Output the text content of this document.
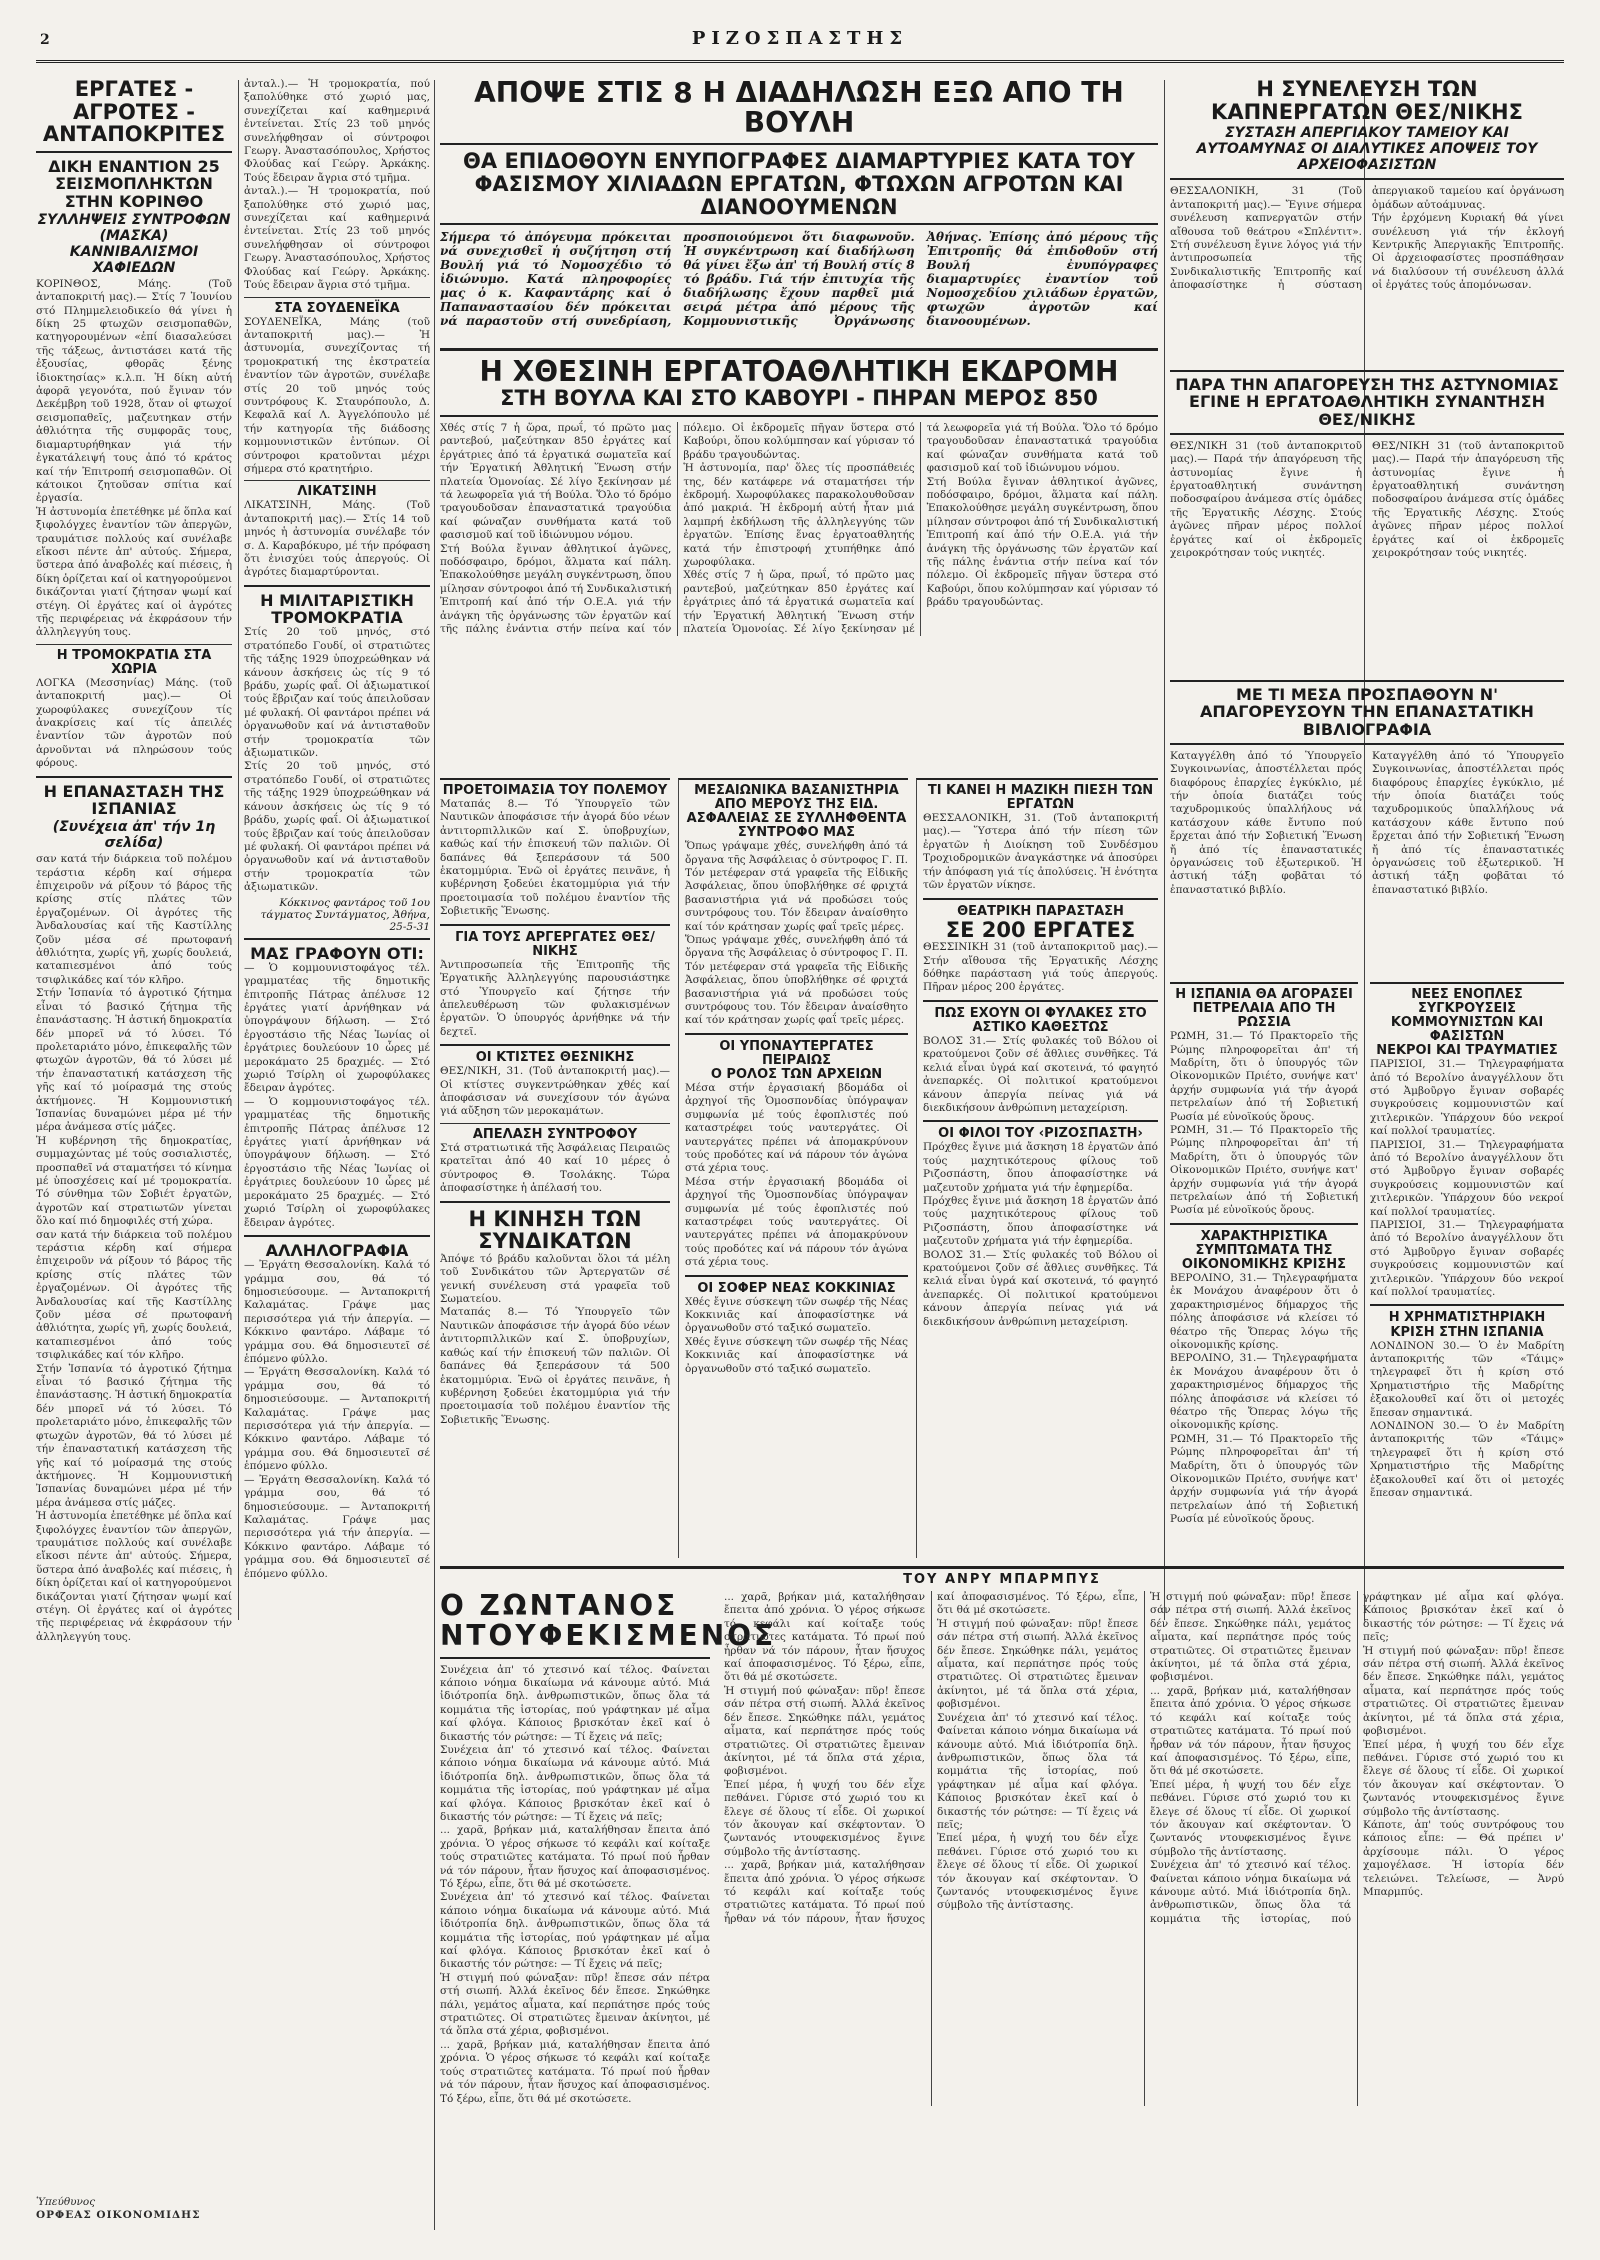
2	ΡΙΖΟΣΠΑΣΤΗΣ
ΕΡΓΑΤΕΣ - ΑΓΡΟΤΕΣ - ΑΝΤΑΠΟΚΡΙΤΕΣ
ΔΙΚΗ ΕΝΑΝΤΙΟΝ 25 ΣΕΙΣΜΟΠΛΗΚΤΩΝ ΣΤΗΝ ΚΟΡΙΝΘΟ
ΣΥΛΛΗΨΕΙΣ ΣΥΝΤΡΟΦΩΝ (ΜΑΣΚΑ) ΚΑΝΝΙΒΑΛΙΣΜΟΙ ΧΑΦΙΕΔΩΝ

ΚΟΡΙΝΘΟΣ, Μάης. (Τοῦ ἀνταποκριτή μας).— Στίς 7 Ἰουνίου στό Πλημμελειοδικείο θά γίνει ἡ δίκη 25 φτωχῶν σεισμοπαθῶν, κατηγορουμένων «ἐπί διασαλεύσει τῆς τάξεως, ἀντιστάσει κατά τῆς ἐξουσίας, φθορᾶς ξένης ἰδιοκτησίας» κ.λ.π. Ἡ δίκη αὐτή ἀφορᾶ γεγονότα, πού ἔγιναν τόν Δεκέμβρη τοῦ 1928, ὅταν οἱ φτωχοί σεισμοπαθεῖς, μαζευτηκαν στήν ἀθλιότητα τῆς συμφορᾶς τους, διαμαρτυρήθηκαν γιά τήν ἐγκατάλειψή τους ἀπό τό κράτος καί τήν Ἐπιτροπή σεισμοπαθῶν. Οἱ κάτοικοι ζητοῦσαν σπίτια καί ἐργασία.

Ἡ ἀστυνομία ἐπετέθηκε μέ ὅπλα καί ξιφολόγχες ἐναντίον τῶν ἀπεργῶν, τραυμάτισε πολλούς καί συνέλαβε εἴκοσι πέντε ἀπ' αὐτούς. Σήμερα, ὕστερα ἀπό ἀναβολές καί πιέσεις, ἡ δίκη ὁρίζεται καί οἱ κατηγορούμενοι δικάζονται γιατί ζήτησαν ψωμί καί στέγη. Οἱ ἐργάτες καί οἱ ἀγρότες τῆς περιφέρειας νά ἐκφράσουν τήν ἀλληλεγγύη τους.

Η ΤΡΟΜΟΚΡΑΤΙΑ ΣΤΑ ΧΩΡΙΑ

ΛΟΓΚΑ (Μεσσηνίας) Μάης. (τοῦ ἀνταποκριτή μας).— Οἱ χωροφύλακες συνεχίζουν τίς ἀνακρίσεις καί τίς ἀπειλές ἐναντίον τῶν ἀγροτῶν πού ἀρνοῦνται νά πληρώσουν τούς φόρους.

Η ΕΠΑΝΑΣΤΑΣΗ ΤΗΣ ΙΣΠΑΝΙΑΣ
(Συνέχεια ἀπ' τήν 1η σελίδα)

σαν κατά τήν διάρκεια τοῦ πολέμου τεράστια κέρδη καί σήμερα ἐπιχειροῦν νά ρίξουν τό βάρος τῆς κρίσης στίς πλάτες τῶν ἐργαζομένων. Οἱ ἀγρότες τῆς Ἀνδαλουσίας καί τῆς Καστίλλης ζοῦν μέσα σέ πρωτοφανή ἀθλιότητα, χωρίς γῆ, χωρίς δουλειά, καταπιεσμένοι ἀπό τούς τσιφλικάδες καί τόν κλῆρο.

Στήν Ἰσπανία τό ἀγροτικό ζήτημα εἶναι τό βασικό ζήτημα τῆς ἐπανάστασης. Ἡ ἀστική δημοκρατία δέν μπορεῖ νά τό λύσει. Τό προλεταριάτο μόνο, ἐπικεφαλῆς τῶν φτωχῶν ἀγροτῶν, θά τό λύσει μέ τήν ἐπαναστατική κατάσχεση τῆς γῆς καί τό μοίρασμά της στούς ἀκτήμονες. Ἡ Κομμουνιστική Ἰσπανίας δυναμώνει μέρα μέ τήν μέρα ἀνάμεσα στίς μάζες.

Ἡ κυβέρνηση τῆς δημοκρατίας, συμμαχώντας μέ τούς σοσιαλιστές, προσπαθεῖ νά σταματήσει τό κίνημα μέ ὑποσχέσεις καί μέ τρομοκρατία. Τό σύνθημα τῶν Σοβιέτ ἐργατῶν, ἀγροτῶν καί στρατιωτῶν γίνεται ὅλο καί πιό δημοφιλές στή χώρα.

σαν κατά τήν διάρκεια τοῦ πολέμου τεράστια κέρδη καί σήμερα ἐπιχειροῦν νά ρίξουν τό βάρος τῆς κρίσης στίς πλάτες τῶν ἐργαζομένων. Οἱ ἀγρότες τῆς Ἀνδαλουσίας καί τῆς Καστίλλης ζοῦν μέσα σέ πρωτοφανή ἀθλιότητα, χωρίς γῆ, χωρίς δουλειά, καταπιεσμένοι ἀπό τούς τσιφλικάδες καί τόν κλῆρο.

Στήν Ἰσπανία τό ἀγροτικό ζήτημα εἶναι τό βασικό ζήτημα τῆς ἐπανάστασης. Ἡ ἀστική δημοκρατία δέν μπορεῖ νά τό λύσει. Τό προλεταριάτο μόνο, ἐπικεφαλῆς τῶν φτωχῶν ἀγροτῶν, θά τό λύσει μέ τήν ἐπαναστατική κατάσχεση τῆς γῆς καί τό μοίρασμά της στούς ἀκτήμονες. Ἡ Κομμουνιστική Ἰσπανίας δυναμώνει μέρα μέ τήν μέρα ἀνάμεσα στίς μάζες.

Ἡ ἀστυνομία ἐπετέθηκε μέ ὅπλα καί ξιφολόγχες ἐναντίον τῶν ἀπεργῶν, τραυμάτισε πολλούς καί συνέλαβε εἴκοσι πέντε ἀπ' αὐτούς. Σήμερα, ὕστερα ἀπό ἀναβολές καί πιέσεις, ἡ δίκη ὁρίζεται καί οἱ κατηγορούμενοι δικάζονται γιατί ζήτησαν ψωμί καί στέγη. Οἱ ἐργάτες καί οἱ ἀγρότες τῆς περιφέρειας νά ἐκφράσουν τήν ἀλληλεγγύη τους.

Ὑπεύθυνος
ΟΡΦΕΑΣ ΟΙΚΟΝΟΜΙΔΗΣ

ἀνταλ.).— Ἡ τρομοκρατία, πού ξαπολύθηκε στό χωριό μας, συνεχίζεται καί καθημερινά ἐντείνεται. Στίς 23 τοῦ μηνός συνελήφθησαν οἱ σύντροφοι Γεωργ. Ἀναστασόπουλος, Χρήστος Φλούδας καί Γεώργ. Ἀρκάκης. Τούς ἔδειραν ἄγρια στό τμῆμα.

ἀνταλ.).— Ἡ τρομοκρατία, πού ξαπολύθηκε στό χωριό μας, συνεχίζεται καί καθημερινά ἐντείνεται. Στίς 23 τοῦ μηνός συνελήφθησαν οἱ σύντροφοι Γεωργ. Ἀναστασόπουλος, Χρήστος Φλούδας καί Γεώργ. Ἀρκάκης. Τούς ἔδειραν ἄγρια στό τμῆμα.

ΣΤΑ ΣΟΥΔΕΝΕΪΚΑ

ΣΟΥΔΕΝΕΪΚΑ, Μάης (τοῦ ἀνταποκριτή μας).— Ἡ ἀστυνομία, συνεχίζοντας τή τρομοκρατική της ἐκστρατεία ἐναντίον τῶν ἀγροτῶν, συνέλαβε στίς 20 τοῦ μηνός τούς συντρόφους Κ. Σταυρόπουλο, Δ. Κεφαλᾶ καί Λ. Ἀγγελόπουλο μέ τήν κατηγορία τῆς διάδοσης κομμουνιστικῶν ἐντύπων. Οἱ σύντροφοι κρατοῦνται μέχρι σήμερα στό κρατητήριο.

ΛΙΚΑΤΣΙΝΗ

ΛΙΚΑΤΣΙΝΗ, Μάης. (Τοῦ ἀνταποκριτή μας).— Στίς 14 τοῦ μηνός ἡ ἀστυνομία συνέλαβε τόν σ. Δ. Καραβόκυρο, μέ τήν πρόφαση ὅτι ἐνισχύει τούς ἀπεργούς. Οἱ ἀγρότες διαμαρτύρονται.

Η ΜΙΛΙΤΑΡΙΣΤΙΚΗ ΤΡΟΜΟΚΡΑΤΙΑ

Στίς 20 τοῦ μηνός, στό στρατόπεδο Γουδί, οἱ στρατιῶτες τῆς τάξης 1929 ὑποχρεώθηκαν νά κάνουν ἀσκήσεις ὡς τίς 9 τό βράδυ, χωρίς φαΐ. Οἱ ἀξιωματικοί τούς ἔβριζαν καί τούς ἀπειλοῦσαν μέ φυλακή. Οἱ φαντάροι πρέπει νά ὀργανωθοῦν καί νά ἀντισταθοῦν στήν τρομοκρατία τῶν ἀξιωματικῶν.

Στίς 20 τοῦ μηνός, στό στρατόπεδο Γουδί, οἱ στρατιῶτες τῆς τάξης 1929 ὑποχρεώθηκαν νά κάνουν ἀσκήσεις ὡς τίς 9 τό βράδυ, χωρίς φαΐ. Οἱ ἀξιωματικοί τούς ἔβριζαν καί τούς ἀπειλοῦσαν μέ φυλακή. Οἱ φαντάροι πρέπει νά ὀργανωθοῦν καί νά ἀντισταθοῦν στήν τρομοκρατία τῶν ἀξιωματικῶν.

Κόκκινος φαντάρος τοῦ 1ου τάγματος Συντάγματος, Ἀθήνα, 25-5-31
ΜΑΣ ΓΡΑΦΟΥΝ ΟΤΙ:

— Ὁ κομμουνιστοφάγος τέλ. γραμματέας τῆς δημοτικῆς ἐπιτροπῆς Πάτρας ἀπέλυσε 12 ἐργάτες γιατί ἀρνήθηκαν νά ὑπογράψουν δήλωση. — Στό ἐργοστάσιο τῆς Νέας Ἰωνίας οἱ ἐργάτριες δουλεύουν 10 ὧρες μέ μεροκάματο 25 δραχμές. — Στό χωριό Τσίρλη οἱ χωροφύλακες ἔδειραν ἀγρότες.

— Ὁ κομμουνιστοφάγος τέλ. γραμματέας τῆς δημοτικῆς ἐπιτροπῆς Πάτρας ἀπέλυσε 12 ἐργάτες γιατί ἀρνήθηκαν νά ὑπογράψουν δήλωση. — Στό ἐργοστάσιο τῆς Νέας Ἰωνίας οἱ ἐργάτριες δουλεύουν 10 ὧρες μέ μεροκάματο 25 δραχμές. — Στό χωριό Τσίρλη οἱ χωροφύλακες ἔδειραν ἀγρότες.

ΑΛΛΗΛΟΓΡΑΦΙΑ

— Ἐργάτη Θεσσαλονίκη. Καλά τό γράμμα σου, θά τό δημοσιεύσουμε. — Ἀνταποκριτή Καλαμάτας. Γράψε μας περισσότερα γιά τήν ἀπεργία. — Κόκκινο φαντάρο. Λάβαμε τό γράμμα σου. Θά δημοσιευτεῖ σέ ἑπόμενο φύλλο.

— Ἐργάτη Θεσσαλονίκη. Καλά τό γράμμα σου, θά τό δημοσιεύσουμε. — Ἀνταποκριτή Καλαμάτας. Γράψε μας περισσότερα γιά τήν ἀπεργία. — Κόκκινο φαντάρο. Λάβαμε τό γράμμα σου. Θά δημοσιευτεῖ σέ ἑπόμενο φύλλο.

— Ἐργάτη Θεσσαλονίκη. Καλά τό γράμμα σου, θά τό δημοσιεύσουμε. — Ἀνταποκριτή Καλαμάτας. Γράψε μας περισσότερα γιά τήν ἀπεργία. — Κόκκινο φαντάρο. Λάβαμε τό γράμμα σου. Θά δημοσιευτεῖ σέ ἑπόμενο φύλλο.

ΑΠΟΨΕ ΣΤΙΣ 8 Η ΔΙΑΔΗΛΩΣΗ ΕΞΩ ΑΠΟ ΤΗ ΒΟΥΛΗ
ΘΑ ΕΠΙΔΟΘΟΥΝ ΕΝΥΠΟΓΡΑΦΕΣ ΔΙΑΜΑΡΤΥΡΙΕΣ ΚΑΤΑ ΤΟΥ ΦΑΣΙΣΜΟΥ ΧΙΛΙΑΔΩΝ ΕΡΓΑΤΩΝ, ΦΤΩΧΩΝ ΑΓΡΟΤΩΝ ΚΑΙ ΔΙΑΝΟΟΥΜΕΝΩΝ

Σήμερα τό ἀπόγευμα πρόκειται νά συνεχισθεῖ ἡ συζήτηση στή Βουλή γιά τό Νομοσχέδιο τό ἰδιώνυμο. Κατά πληροφορίες μας ὁ κ. Καφαντάρης καί ὁ Παπαναστασίου δέν πρόκειται νά παραστοῦν στή συνεδρίαση, προσποιούμενοι ὅτι διαφωνοῦν. Ἡ συγκέντρωση καί διαδήλωση θά γίνει ἔξω ἀπ' τή Βουλή στίς 8 τό βράδυ. Γιά τήν ἐπιτυχία τῆς διαδήλωσης ἔχουν παρθεῖ μιά σειρά μέτρα ἀπό μέρους τῆς Κομμουνιστικῆς Ὀργάνωσης Ἀθήνας. Ἐπίσης ἀπό μέρους τῆς Ἐπιτροπῆς θά ἐπιδοθοῦν στή Βουλή ἐνυπόγραφες διαμαρτυρίες ἐναντίον τοῦ Νομοσχεδίου χιλιάδων ἐργατῶν, φτωχῶν ἀγροτῶν καί διανοουμένων.

Η ΧΘΕΣΙΝΗ ΕΡΓΑΤΟΑΘΛΗΤΙΚΗ ΕΚΔΡΟΜΗ
ΣΤΗ ΒΟΥΛΑ ΚΑΙ ΣΤΟ ΚΑΒΟΥΡΙ - ΠΗΡΑΝ ΜΕΡΟΣ 850

Χθές στίς 7 ἡ ὥρα, πρωΐ, τό πρῶτο μας ραντεβού, μαζεύτηκαν 850 ἐργάτες καί ἐργάτριες ἀπό τά ἐργατικά σωματεῖα καί τήν Ἐργατική Ἀθλητική Ἕνωση στήν πλατεία Ὁμονοίας. Σέ λίγο ξεκίνησαν μέ τά λεωφορεῖα γιά τή Βούλα. Ὅλο τό δρόμο τραγουδοῦσαν ἐπαναστατικά τραγούδια καί φώναζαν συνθήματα κατά τοῦ φασισμοῦ καί τοῦ ἰδιώνυμου νόμου.

Στή Βούλα ἔγιναν ἀθλητικοί ἀγῶνες, ποδόσφαιρο, δρόμοι, ἅλματα καί πάλη. Ἐπακολούθησε μεγάλη συγκέντρωση, ὅπου μίλησαν σύντροφοι ἀπό τή Συνδικαλιστική Ἐπιτροπή καί ἀπό τήν Ο.Ε.Α. γιά τήν ἀνάγκη τῆς ὀργάνωσης τῶν ἐργατῶν καί τῆς πάλης ἐνάντια στήν πείνα καί τόν πόλεμο. Οἱ ἐκδρομεῖς πῆγαν ὕστερα στό Καβούρι, ὅπου κολύμπησαν καί γύρισαν τό βράδυ τραγουδώντας.

Ἡ ἀστυνομία, παρ' ὅλες τίς προσπάθειές της, δέν κατάφερε νά σταματήσει τήν ἐκδρομή. Χωροφύλακες παρακολουθοῦσαν ἀπό μακριά. Ἡ ἐκδρομή αὐτή ἦταν μιά λαμπρή ἐκδήλωση τῆς ἀλληλεγγύης τῶν ἐργατῶν. Ἐπίσης ἕνας ἐργατοαθλητής κατά τήν ἐπιστροφή χτυπήθηκε ἀπό χωροφύλακα.

Χθές στίς 7 ἡ ὥρα, πρωΐ, τό πρῶτο μας ραντεβού, μαζεύτηκαν 850 ἐργάτες καί ἐργάτριες ἀπό τά ἐργατικά σωματεῖα καί τήν Ἐργατική Ἀθλητική Ἕνωση στήν πλατεία Ὁμονοίας. Σέ λίγο ξεκίνησαν μέ τά λεωφορεῖα γιά τή Βούλα. Ὅλο τό δρόμο τραγουδοῦσαν ἐπαναστατικά τραγούδια καί φώναζαν συνθήματα κατά τοῦ φασισμοῦ καί τοῦ ἰδιώνυμου νόμου.

Στή Βούλα ἔγιναν ἀθλητικοί ἀγῶνες, ποδόσφαιρο, δρόμοι, ἅλματα καί πάλη. Ἐπακολούθησε μεγάλη συγκέντρωση, ὅπου μίλησαν σύντροφοι ἀπό τή Συνδικαλιστική Ἐπιτροπή καί ἀπό τήν Ο.Ε.Α. γιά τήν ἀνάγκη τῆς ὀργάνωσης τῶν ἐργατῶν καί τῆς πάλης ἐνάντια στήν πείνα καί τόν πόλεμο. Οἱ ἐκδρομεῖς πῆγαν ὕστερα στό Καβούρι, ὅπου κολύμπησαν καί γύρισαν τό βράδυ τραγουδώντας.

ΠΡΟΕΤΟΙΜΑΣΙΑ ΤΟΥ ΠΟΛΕΜΟΥ

Ματαπάς 8.— Τό Ὑπουργεῖο τῶν Ναυτικῶν ἀποφάσισε τήν ἀγορά δύο νέων ἀντιτορπιλλικῶν καί Σ. ὑποβρυχίων, καθώς καί τήν ἐπισκευή τῶν παλιῶν. Οἱ δαπάνες θά ξεπεράσουν τά 500 ἑκατομμύρια. Ἐνῶ οἱ ἐργάτες πεινᾶνε, ἡ κυβέρνηση ξοδεύει ἑκατομμύρια γιά τήν προετοιμασία τοῦ πολέμου ἐναντίον τῆς Σοβιετικῆς Ἕνωσης.

ΓΙΑ ΤΟΥΣ ΑΡΓΕΡΓΑΤΕΣ ΘΕΣ/ΝΙΚΗΣ

Ἀντιπροσωπεία τῆς Ἐπιτροπῆς τῆς Ἐργατικῆς Ἀλληλεγγύης παρουσιάστηκε στό Ὑπουργεῖο καί ζήτησε τήν ἀπελευθέρωση τῶν φυλακισμένων ἐργατῶν. Ὁ ὑπουργός ἀρνήθηκε νά τήν δεχτεῖ.

ΟΙ ΚΤΙΣΤΕΣ ΘΕΣΝΙΚΗΣ

ΘΕΣ/ΝΙΚΗ, 31. (Τοῦ ἀνταποκριτή μας).— Οἱ κτίστες συγκεντρώθηκαν χθές καί ἀποφάσισαν νά συνεχίσουν τόν ἀγώνα γιά αὔξηση τῶν μεροκαμάτων.

ΑΠΕΛΑΣΗ ΣΥΝΤΡΟΦΟΥ

Στά στρατιωτικά τῆς Ἀσφάλειας Πειραιῶς κρατεῖται ἀπό 40 καί 10 μέρες ὁ σύντροφος Θ. Τσολάκης. Τώρα ἀποφασίστηκε ἡ ἀπέλασή του.

Η ΚΙΝΗΣΗ ΤΩΝ ΣΥΝΔΙΚΑΤΩΝ

Ἀπόψε τό βράδυ καλοῦνται ὅλοι τά μέλη τοῦ Συνδικάτου τῶν Ἀρτεργατῶν σέ γενική συνέλευση στά γραφεῖα τοῦ Σωματείου.

Ματαπάς 8.— Τό Ὑπουργεῖο τῶν Ναυτικῶν ἀποφάσισε τήν ἀγορά δύο νέων ἀντιτορπιλλικῶν καί Σ. ὑποβρυχίων, καθώς καί τήν ἐπισκευή τῶν παλιῶν. Οἱ δαπάνες θά ξεπεράσουν τά 500 ἑκατομμύρια. Ἐνῶ οἱ ἐργάτες πεινᾶνε, ἡ κυβέρνηση ξοδεύει ἑκατομμύρια γιά τήν προετοιμασία τοῦ πολέμου ἐναντίον τῆς Σοβιετικῆς Ἕνωσης.

ΜΕΣΑΙΩΝΙΚΑ ΒΑΣΑΝΙΣΤΗΡΙΑ ΑΠΟ ΜΕΡΟΥΣ ΤΗΣ ΕΙΔ. ΑΣΦΑΛΕΙΑΣ ΣΕ ΣΥΛΛΗΦΘΕΝΤΑ ΣΥΝΤΡΟΦΟ ΜΑΣ

Ὅπως γράψαμε χθές, συνελήφθη ἀπό τά ὄργανα τῆς Ἀσφάλειας ὁ σύντροφος Γ. Π. Τόν μετέφεραν στά γραφεῖα τῆς Εἰδικῆς Ἀσφάλειας, ὅπου ὑποβλήθηκε σέ φριχτά βασανιστήρια γιά νά προδώσει τούς συντρόφους του. Τόν ἔδειραν ἀναίσθητο καί τόν κράτησαν χωρίς φαΐ τρεῖς μέρες.

Ὅπως γράψαμε χθές, συνελήφθη ἀπό τά ὄργανα τῆς Ἀσφάλειας ὁ σύντροφος Γ. Π. Τόν μετέφεραν στά γραφεῖα τῆς Εἰδικῆς Ἀσφάλειας, ὅπου ὑποβλήθηκε σέ φριχτά βασανιστήρια γιά νά προδώσει τούς συντρόφους του. Τόν ἔδειραν ἀναίσθητο καί τόν κράτησαν χωρίς φαΐ τρεῖς μέρες.

ΟΙ ΥΠΟΝΑΥΤΕΡΓΑΤΕΣ ΠΕΙΡΑΙΩΣ
Ο ΡΟΛΟΣ ΤΩΝ ΑΡΧΕΙΩΝ

Μέσα στήν ἐργασιακή βδομάδα οἱ ἀρχηγοί τῆς Ὁμοσπονδίας ὑπόγραψαν συμφωνία μέ τούς ἐφοπλιστές πού καταστρέφει τούς ναυτεργάτες. Οἱ ναυτεργάτες πρέπει νά ἀπομακρύνουν τούς προδότες καί νά πάρουν τόν ἀγώνα στά χέρια τους.

Μέσα στήν ἐργασιακή βδομάδα οἱ ἀρχηγοί τῆς Ὁμοσπονδίας ὑπόγραψαν συμφωνία μέ τούς ἐφοπλιστές πού καταστρέφει τούς ναυτεργάτες. Οἱ ναυτεργάτες πρέπει νά ἀπομακρύνουν τούς προδότες καί νά πάρουν τόν ἀγώνα στά χέρια τους.

ΟΙ ΣΟΦΕΡ ΝΕΑΣ ΚΟΚΚΙΝΙΑΣ

Χθές ἔγινε σύσκεψη τῶν σωφέρ τῆς Νέας Κοκκινιᾶς καί ἀποφασίστηκε νά ὀργανωθοῦν στό ταξικό σωματεῖο.

Χθές ἔγινε σύσκεψη τῶν σωφέρ τῆς Νέας Κοκκινιᾶς καί ἀποφασίστηκε νά ὀργανωθοῦν στό ταξικό σωματεῖο.

ΤΙ ΚΑΝΕΙ Η ΜΑΖΙΚΗ ΠΙΕΣΗ ΤΩΝ ΕΡΓΑΤΩΝ

ΘΕΣΣΑΛΟΝΙΚΗ, 31. (Τοῦ ἀνταποκριτή μας).— Ὕστερα ἀπό τήν πίεση τῶν ἐργατῶν ἡ Διοίκηση τοῦ Συνδέσμου Τροχιοδρομικῶν ἀναγκάστηκε νά ἀποσύρει τήν ἀπόφαση γιά τίς ἀπολύσεις. Ἡ ἐνότητα τῶν ἐργατῶν νίκησε.

ΘΕΑΤΡΙΚΗ ΠΑΡΑΣΤΑΣΗ
ΣΕ 200 ΕΡΓΑΤΕΣ

ΘΕΣΣΙΝΙΚΗ 31 (τοῦ ἀνταποκριτοῦ μας).— Στήν αἴθουσα τῆς Ἐργατικῆς Λέσχης δόθηκε παράσταση γιά τούς ἀπεργούς. Πῆραν μέρος 200 ἐργάτες.

ΠΩΣ ΕΧΟΥΝ ΟΙ ΦΥΛΑΚΕΣ ΣΤΟ ΑΣΤΙΚΟ ΚΑΘΕΣΤΩΣ

ΒΟΛΟΣ 31.— Στίς φυλακές τοῦ Βόλου οἱ κρατούμενοι ζοῦν σέ ἄθλιες συνθῆκες. Τά κελιά εἶναι ὑγρά καί σκοτεινά, τό φαγητό ἀνεπαρκές. Οἱ πολιτικοί κρατούμενοι κάνουν ἀπεργία πείνας γιά νά διεκδικήσουν ἀνθρώπινη μεταχείριση.

ΟΙ ΦΙΛΟΙ ΤΟΥ ‹ΡΙΖΟΣΠΑΣΤΗ›

Πρόχθες ἔγινε μιά ἄσκηση 18 ἐργατῶν ἀπό τούς μαχητικότερους φίλους τοῦ Ριζοσπάστη, ὅπου ἀποφασίστηκε νά μαζευτοῦν χρήματα γιά τήν ἐφημερίδα.

Πρόχθες ἔγινε μιά ἄσκηση 18 ἐργατῶν ἀπό τούς μαχητικότερους φίλους τοῦ Ριζοσπάστη, ὅπου ἀποφασίστηκε νά μαζευτοῦν χρήματα γιά τήν ἐφημερίδα.

ΒΟΛΟΣ 31.— Στίς φυλακές τοῦ Βόλου οἱ κρατούμενοι ζοῦν σέ ἄθλιες συνθῆκες. Τά κελιά εἶναι ὑγρά καί σκοτεινά, τό φαγητό ἀνεπαρκές. Οἱ πολιτικοί κρατούμενοι κάνουν ἀπεργία πείνας γιά νά διεκδικήσουν ἀνθρώπινη μεταχείριση.

Η ΣΥΝΕΛΕΥΣΗ ΤΩΝ ΚΑΠΝΕΡΓΑΤΩΝ ΘΕΣ/ΝΙΚΗΣ
ΣΥΣΤΑΣΗ ΑΠΕΡΓΙΑΚΟΥ ΤΑΜΕΙΟΥ ΚΑΙ ΑΥΤΟΑΜΥΝΑΣ ΟΙ ΔΙΑΛΥΤΙΚΕΣ ΑΠΟΨΕΙΣ ΤΟΥ ΑΡΧΕΙΟΦΑΣΙΣΤΩΝ

ΘΕΣΣΑΛΟΝΙΚΗ, 31 (Τοῦ ἀνταποκριτή μας).— Ἔγινε σήμερα συνέλευση καπνεργατῶν στήν αἴθουσα τοῦ θεάτρου «Σπλέντιτ». Στή συνέλευση ἔγινε λόγος γιά τήν ἀντιπροσωπεία τῆς Συνδικαλιστικῆς Ἐπιτροπῆς καί ἀποφασίστηκε ἡ σύσταση ἀπεργιακοῦ ταμείου καί ὀργάνωση ὁμάδων αὐτοάμυνας.

Τήν ἐρχόμενη Κυριακή θά γίνει συνέλευση γιά τήν ἐκλογή Κεντρικῆς Ἀπεργιακῆς Ἐπιτροπῆς. Οἱ ἀρχειοφασίστες προσπάθησαν νά διαλύσουν τή συνέλευση ἀλλά οἱ ἐργάτες τούς ἀπομόνωσαν.

ΠΑΡΑ ΤΗΝ ΑΠΑΓΟΡΕΥΣΗ ΤΗΣ ΑΣΤΥΝΟΜΙΑΣ ΕΓΙΝΕ Η ΕΡΓΑΤΟΑΘΛΗΤΙΚΗ ΣΥΝΑΝΤΗΣΗ ΘΕΣ/ΝΙΚΗΣ

ΘΕΣ/ΝΙΚΗ 31 (τοῦ ἀνταποκριτοῦ μας).— Παρά τήν ἀπαγόρευση τῆς ἀστυνομίας ἔγινε ἡ ἐργατοαθλητική συνάντηση ποδοσφαίρου ἀνάμεσα στίς ὁμάδες τῆς Ἐργατικῆς Λέσχης. Στούς ἀγῶνες πῆραν μέρος πολλοί ἐργάτες καί οἱ ἐκδρομεῖς χειροκρότησαν τούς νικητές.

ΘΕΣ/ΝΙΚΗ 31 (τοῦ ἀνταποκριτοῦ μας).— Παρά τήν ἀπαγόρευση τῆς ἀστυνομίας ἔγινε ἡ ἐργατοαθλητική συνάντηση ποδοσφαίρου ἀνάμεσα στίς ὁμάδες τῆς Ἐργατικῆς Λέσχης. Στούς ἀγῶνες πῆραν μέρος πολλοί ἐργάτες καί οἱ ἐκδρομεῖς χειροκρότησαν τούς νικητές.

ΜΕ ΤΙ ΜΕΣΑ ΠΡΟΣΠΑΘΟΥΝ Ν' ΑΠΑΓΟΡΕΥΣΟΥΝ ΤΗΝ ΕΠΑΝΑΣΤΑΤΙΚΗ ΒΙΒΛΙΟΓΡΑΦΙΑ

Καταγγέλθη ἀπό τό Ὑπουργεῖο Συγκοινωνίας, ἀποστέλλεται πρός διαφόρους ἐπαρχίες ἐγκύκλιο, μέ τήν ὁποία διατάζει τούς ταχυδρομικούς ὑπαλλήλους νά κατάσχουν κάθε ἔντυπο πού ἔρχεται ἀπό τήν Σοβιετική Ἕνωση ἤ ἀπό τίς ἐπαναστατικές ὀργανώσεις τοῦ ἐξωτερικοῦ. Ἡ ἀστική τάξη φοβᾶται τό ἐπαναστατικό βιβλίο.

Καταγγέλθη ἀπό τό Ὑπουργεῖο Συγκοινωνίας, ἀποστέλλεται πρός διαφόρους ἐπαρχίες ἐγκύκλιο, μέ τήν ὁποία διατάζει τούς ταχυδρομικούς ὑπαλλήλους νά κατάσχουν κάθε ἔντυπο πού ἔρχεται ἀπό τήν Σοβιετική Ἕνωση ἤ ἀπό τίς ἐπαναστατικές ὀργανώσεις τοῦ ἐξωτερικοῦ. Ἡ ἀστική τάξη φοβᾶται τό ἐπαναστατικό βιβλίο.

Η ΙΣΠΑΝΙΑ ΘΑ ΑΓΟΡΑΣΕΙ ΠΕΤΡΕΛΑΙΑ ΑΠΟ ΤΗ ΡΩΣΣΙΑ

ΡΩΜΗ, 31.— Τό Πρακτορεῖο τῆς Ρώμης πληροφορεῖται ἀπ' τή Μαδρίτη, ὅτι ὁ ὑπουργός τῶν Οἰκονομικῶν Πριέτο, συνήψε κατ' ἀρχήν συμφωνία γιά τήν ἀγορά πετρελαίων ἀπό τή Σοβιετική Ρωσία μέ εὐνοϊκούς ὅρους.

ΡΩΜΗ, 31.— Τό Πρακτορεῖο τῆς Ρώμης πληροφορεῖται ἀπ' τή Μαδρίτη, ὅτι ὁ ὑπουργός τῶν Οἰκονομικῶν Πριέτο, συνήψε κατ' ἀρχήν συμφωνία γιά τήν ἀγορά πετρελαίων ἀπό τή Σοβιετική Ρωσία μέ εὐνοϊκούς ὅρους.

ΧΑΡΑΚΤΗΡΙΣΤΙΚΑ ΣΥΜΠΤΩΜΑΤΑ ΤΗΣ ΟΙΚΟΝΟΜΙΚΗΣ ΚΡΙΣΗΣ

ΒΕΡΟΛΙΝΟ, 31.— Τηλεγραφήματα ἐκ Μονάχου ἀναφέρουν ὅτι ὁ χαρακτηρισμένος δήμαρχος τῆς πόλης ἀποφάσισε νά κλείσει τό θέατρο τῆς Ὄπερας λόγω τῆς οἰκονομικῆς κρίσης.

ΒΕΡΟΛΙΝΟ, 31.— Τηλεγραφήματα ἐκ Μονάχου ἀναφέρουν ὅτι ὁ χαρακτηρισμένος δήμαρχος τῆς πόλης ἀποφάσισε νά κλείσει τό θέατρο τῆς Ὄπερας λόγω τῆς οἰκονομικῆς κρίσης.

ΡΩΜΗ, 31.— Τό Πρακτορεῖο τῆς Ρώμης πληροφορεῖται ἀπ' τή Μαδρίτη, ὅτι ὁ ὑπουργός τῶν Οἰκονομικῶν Πριέτο, συνήψε κατ' ἀρχήν συμφωνία γιά τήν ἀγορά πετρελαίων ἀπό τή Σοβιετική Ρωσία μέ εὐνοϊκούς ὅρους.

ΝΕΕΣ ΕΝΟΠΛΕΣ ΣΥΓΚΡΟΥΣΕΙΣ ΚΟΜΜΟΥΝΙΣΤΩΝ ΚΑΙ ΦΑΣΙΣΤΩΝ
ΝΕΚΡΟΙ ΚΑΙ ΤΡΑΥΜΑΤΙΕΣ

ΠΑΡΙΣΙΟΙ, 31.— Τηλεγραφήματα ἀπό τό Βερολίνο ἀναγγέλλουν ὅτι στό Ἀμβοῦργο ἔγιναν σοβαρές συγκρούσεις κομμουνιστῶν καί χιτλερικῶν. Ὑπάρχουν δύο νεκροί καί πολλοί τραυματίες.

ΠΑΡΙΣΙΟΙ, 31.— Τηλεγραφήματα ἀπό τό Βερολίνο ἀναγγέλλουν ὅτι στό Ἀμβοῦργο ἔγιναν σοβαρές συγκρούσεις κομμουνιστῶν καί χιτλερικῶν. Ὑπάρχουν δύο νεκροί καί πολλοί τραυματίες.

ΠΑΡΙΣΙΟΙ, 31.— Τηλεγραφήματα ἀπό τό Βερολίνο ἀναγγέλλουν ὅτι στό Ἀμβοῦργο ἔγιναν σοβαρές συγκρούσεις κομμουνιστῶν καί χιτλερικῶν. Ὑπάρχουν δύο νεκροί καί πολλοί τραυματίες.

Η ΧΡΗΜΑΤΙΣΤΗΡΙΑΚΗ ΚΡΙΣΗ ΣΤΗΝ ΙΣΠΑΝΙΑ

ΛΟΝΔΙΝΟΝ 30.— Ὁ ἐν Μαδρίτη ἀνταποκριτής τῶν «Τάιμς» τηλεγραφεῖ ὅτι ἡ κρίση στό Χρηματιστήριο τῆς Μαδρίτης ἐξακολουθεῖ καί ὅτι οἱ μετοχές ἔπεσαν σημαντικά.

ΛΟΝΔΙΝΟΝ 30.— Ὁ ἐν Μαδρίτη ἀνταποκριτής τῶν «Τάιμς» τηλεγραφεῖ ὅτι ἡ κρίση στό Χρηματιστήριο τῆς Μαδρίτης ἐξακολουθεῖ καί ὅτι οἱ μετοχές ἔπεσαν σημαντικά.

ΤΟΥ ΑΝΡΥ ΜΠΑΡΜΠΥΣ
Ο ΖΩΝΤΑΝΟΣ
ΝΤΟΥΦΕΚΙΣΜΕΝΟΣ

Συνέχεια ἀπ' τό χτεσινό καί τέλος. Φαίνεται κάποιο νόημα δικαίωμα νά κάνουμε αὐτό. Μιά ἰδιότροπία δηλ. ἀνθρωπιστικῶν, ὅπως ὅλα τά κομμάτια τῆς ἱστορίας, πού γράφτηκαν μέ αἷμα καί φλόγα. Κάποιος βρισκόταν ἐκεῖ καί ὁ δικαστής τόν ρώτησε: — Τί ἔχεις νά πεῖς;

Συνέχεια ἀπ' τό χτεσινό καί τέλος. Φαίνεται κάποιο νόημα δικαίωμα νά κάνουμε αὐτό. Μιά ἰδιότροπία δηλ. ἀνθρωπιστικῶν, ὅπως ὅλα τά κομμάτια τῆς ἱστορίας, πού γράφτηκαν μέ αἷμα καί φλόγα. Κάποιος βρισκόταν ἐκεῖ καί ὁ δικαστής τόν ρώτησε: — Τί ἔχεις νά πεῖς;

... χαρᾶ, βρήκαν μιά, καταλήθησαν ἔπειτα ἀπό χρόνια. Ὁ γέρος σήκωσε τό κεφάλι καί κοίταξε τούς στρατιῶτες κατάματα. Τό πρωί πού ἦρθαν νά τόν πάρουν, ἦταν ἥσυχος καί ἀποφασισμένος. Τό ξέρω, εἶπε, ὅτι θά μέ σκοτώσετε.

Συνέχεια ἀπ' τό χτεσινό καί τέλος. Φαίνεται κάποιο νόημα δικαίωμα νά κάνουμε αὐτό. Μιά ἰδιότροπία δηλ. ἀνθρωπιστικῶν, ὅπως ὅλα τά κομμάτια τῆς ἱστορίας, πού γράφτηκαν μέ αἷμα καί φλόγα. Κάποιος βρισκόταν ἐκεῖ καί ὁ δικαστής τόν ρώτησε: — Τί ἔχεις νά πεῖς;

Ἡ στιγμή πού φώναξαν: πῦρ! ἔπεσε σάν πέτρα στή σιωπή. Ἀλλά ἐκεῖνος δέν ἔπεσε. Σηκώθηκε πάλι, γεμάτος αἷματα, καί περπάτησε πρός τούς στρατιῶτες. Οἱ στρατιῶτες ἔμειναν ἀκίνητοι, μέ τά ὅπλα στά χέρια, φοβισμένοι.

... χαρᾶ, βρήκαν μιά, καταλήθησαν ἔπειτα ἀπό χρόνια. Ὁ γέρος σήκωσε τό κεφάλι καί κοίταξε τούς στρατιῶτες κατάματα. Τό πρωί πού ἦρθαν νά τόν πάρουν, ἦταν ἥσυχος καί ἀποφασισμένος. Τό ξέρω, εἶπε, ὅτι θά μέ σκοτώσετε.

... χαρᾶ, βρήκαν μιά, καταλήθησαν ἔπειτα ἀπό χρόνια. Ὁ γέρος σήκωσε τό κεφάλι καί κοίταξε τούς στρατιῶτες κατάματα. Τό πρωί πού ἦρθαν νά τόν πάρουν, ἦταν ἥσυχος καί ἀποφασισμένος. Τό ξέρω, εἶπε, ὅτι θά μέ σκοτώσετε.

Ἡ στιγμή πού φώναξαν: πῦρ! ἔπεσε σάν πέτρα στή σιωπή. Ἀλλά ἐκεῖνος δέν ἔπεσε. Σηκώθηκε πάλι, γεμάτος αἷματα, καί περπάτησε πρός τούς στρατιῶτες. Οἱ στρατιῶτες ἔμειναν ἀκίνητοι, μέ τά ὅπλα στά χέρια, φοβισμένοι.

Ἐπεί μέρα, ἡ ψυχή του δέν εἶχε πεθάνει. Γύρισε στό χωριό του κι ἔλεγε σέ ὅλους τί εἶδε. Οἱ χωρικοί τόν ἄκουγαν καί σκέφτονταν. Ὁ ζωντανός ντουφεκισμένος ἔγινε σύμβολο τῆς ἀντίστασης.

... χαρᾶ, βρήκαν μιά, καταλήθησαν ἔπειτα ἀπό χρόνια. Ὁ γέρος σήκωσε τό κεφάλι καί κοίταξε τούς στρατιῶτες κατάματα. Τό πρωί πού ἦρθαν νά τόν πάρουν, ἦταν ἥσυχος καί ἀποφασισμένος. Τό ξέρω, εἶπε, ὅτι θά μέ σκοτώσετε.

Ἡ στιγμή πού φώναξαν: πῦρ! ἔπεσε σάν πέτρα στή σιωπή. Ἀλλά ἐκεῖνος δέν ἔπεσε. Σηκώθηκε πάλι, γεμάτος αἷματα, καί περπάτησε πρός τούς στρατιῶτες. Οἱ στρατιῶτες ἔμειναν ἀκίνητοι, μέ τά ὅπλα στά χέρια, φοβισμένοι.

Συνέχεια ἀπ' τό χτεσινό καί τέλος. Φαίνεται κάποιο νόημα δικαίωμα νά κάνουμε αὐτό. Μιά ἰδιότροπία δηλ. ἀνθρωπιστικῶν, ὅπως ὅλα τά κομμάτια τῆς ἱστορίας, πού γράφτηκαν μέ αἷμα καί φλόγα. Κάποιος βρισκόταν ἐκεῖ καί ὁ δικαστής τόν ρώτησε: — Τί ἔχεις νά πεῖς;

Ἐπεί μέρα, ἡ ψυχή του δέν εἶχε πεθάνει. Γύρισε στό χωριό του κι ἔλεγε σέ ὅλους τί εἶδε. Οἱ χωρικοί τόν ἄκουγαν καί σκέφτονταν. Ὁ ζωντανός ντουφεκισμένος ἔγινε σύμβολο τῆς ἀντίστασης.

Ἡ στιγμή πού φώναξαν: πῦρ! ἔπεσε σάν πέτρα στή σιωπή. Ἀλλά ἐκεῖνος δέν ἔπεσε. Σηκώθηκε πάλι, γεμάτος αἷματα, καί περπάτησε πρός τούς στρατιῶτες. Οἱ στρατιῶτες ἔμειναν ἀκίνητοι, μέ τά ὅπλα στά χέρια, φοβισμένοι.

... χαρᾶ, βρήκαν μιά, καταλήθησαν ἔπειτα ἀπό χρόνια. Ὁ γέρος σήκωσε τό κεφάλι καί κοίταξε τούς στρατιῶτες κατάματα. Τό πρωί πού ἦρθαν νά τόν πάρουν, ἦταν ἥσυχος καί ἀποφασισμένος. Τό ξέρω, εἶπε, ὅτι θά μέ σκοτώσετε.

Ἐπεί μέρα, ἡ ψυχή του δέν εἶχε πεθάνει. Γύρισε στό χωριό του κι ἔλεγε σέ ὅλους τί εἶδε. Οἱ χωρικοί τόν ἄκουγαν καί σκέφτονταν. Ὁ ζωντανός ντουφεκισμένος ἔγινε σύμβολο τῆς ἀντίστασης.

Συνέχεια ἀπ' τό χτεσινό καί τέλος. Φαίνεται κάποιο νόημα δικαίωμα νά κάνουμε αὐτό. Μιά ἰδιότροπία δηλ. ἀνθρωπιστικῶν, ὅπως ὅλα τά κομμάτια τῆς ἱστορίας, πού γράφτηκαν μέ αἷμα καί φλόγα. Κάποιος βρισκόταν ἐκεῖ καί ὁ δικαστής τόν ρώτησε: — Τί ἔχεις νά πεῖς;

Ἡ στιγμή πού φώναξαν: πῦρ! ἔπεσε σάν πέτρα στή σιωπή. Ἀλλά ἐκεῖνος δέν ἔπεσε. Σηκώθηκε πάλι, γεμάτος αἷματα, καί περπάτησε πρός τούς στρατιῶτες. Οἱ στρατιῶτες ἔμειναν ἀκίνητοι, μέ τά ὅπλα στά χέρια, φοβισμένοι.

Ἐπεί μέρα, ἡ ψυχή του δέν εἶχε πεθάνει. Γύρισε στό χωριό του κι ἔλεγε σέ ὅλους τί εἶδε. Οἱ χωρικοί τόν ἄκουγαν καί σκέφτονταν. Ὁ ζωντανός ντουφεκισμένος ἔγινε σύμβολο τῆς ἀντίστασης.

Κάποτε, ἀπ' τούς συντρόφους του κάποιος εἶπε: — Θά πρέπει ν' ἀρχίσουμε πάλι. Ὁ γέρος χαμογέλασε. Ἡ ἱστορία δέν τελειώνει. Τελείωσε, — Ἀνρύ Μπαρμπύς.
